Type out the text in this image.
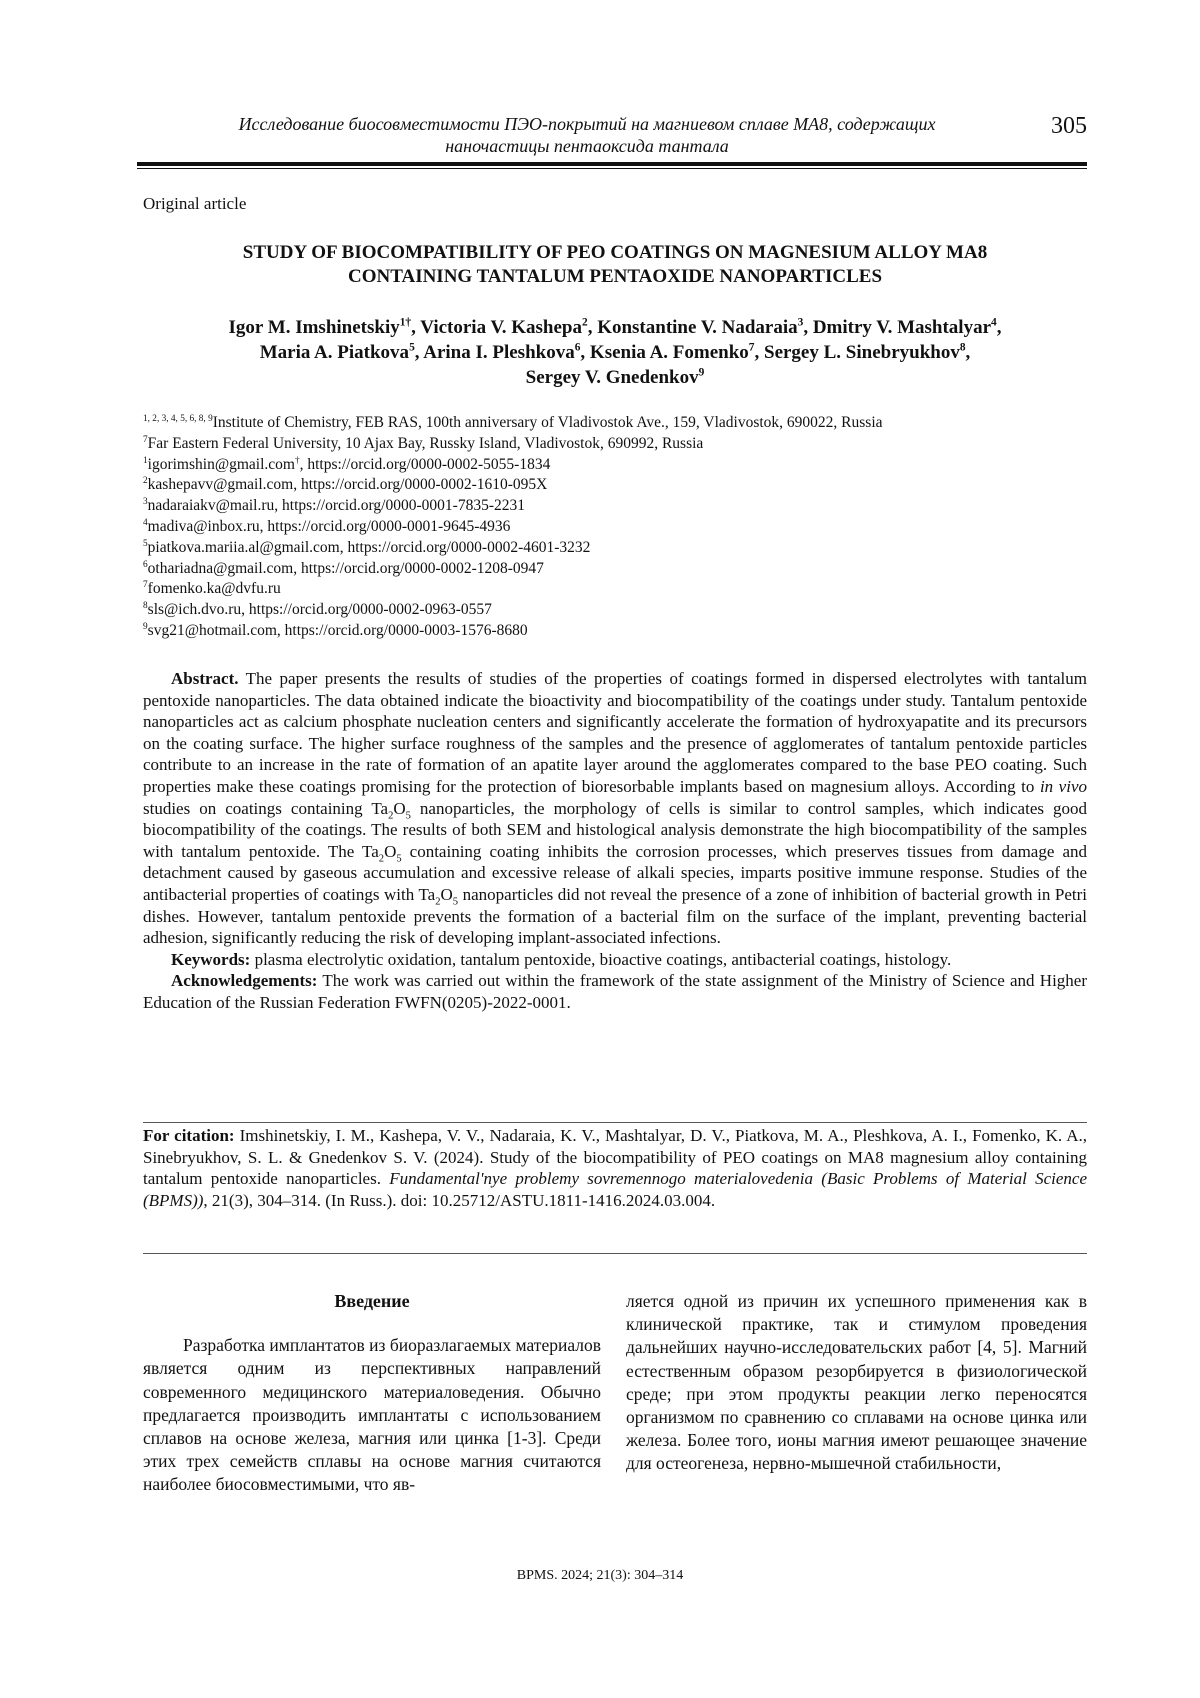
Исследование биосовместимости ПЭО-покрытий на магниевом сплаве МА8, содержащих наночастицы пентаоксида тантала
305
Original article
STUDY OF BIOCOMPATIBILITY OF PEO COATINGS ON MAGNESIUM ALLOY MA8
CONTAINING TANTALUM PENTAOXIDE NANOPARTICLES
Igor M. Imshinetskiy$^{1\dagger}$, Victoria V. Kashepa$^2$, Konstantine V. Nadaraia$^3$, Dmitry V. Mashtalyar$^4$,
Maria A. Piatkova$^5$, Arina I. Pleshkova$^6$, Ksenia A. Fomenko$^7$, Sergey L. Sinebryukhov$^8$,
Sergey V. Gnedenkov$^9$
$^{1, 2, 3, 4, 5, 6, 8, 9}$Institute of Chemistry, FEB RAS, 100th anniversary of Vladivostok Ave., 159, Vladivostok, 690022, Russia
$^7$Far Eastern Federal University, 10 Ajax Bay, Russky Island, Vladivostok, 690992, Russia
$^1$igorimshin@gmail.com†, https://orcid.org/0000-0002-5055-1834
$^2$kashepavv@gmail.com, https://orcid.org/0000-0002-1610-095X
$^3$nadaraiakv@mail.ru, https://orcid.org/0000-0001-7835-2231
$^4$madiva@inbox.ru, https://orcid.org/0000-0001-9645-4936
$^5$piatkova.mariia.al@gmail.com, https://orcid.org/0000-0002-4601-3232
$^6$othariadna@gmail.com, https://orcid.org/0000-0002-1208-0947
$^7$fomenko.ka@dvfu.ru
$^8$sls@ich.dvo.ru, https://orcid.org/0000-0002-0963-0557
$^9$svg21@hotmail.com, https://orcid.org/0000-0003-1576-8680

Abstract. The paper presents the results of studies of the properties of coatings formed in dispersed electrolytes with tantalum pentoxide nanoparticles. The data obtained indicate the bioactivity and biocompatibility of the coatings under study. Tantalum pentoxide nanoparticles act as calcium phosphate nucleation centers and significantly accelerate the formation of hydroxyapatite and its precursors on the coating surface. The higher surface roughness of the samples and the presence of agglomerates of tantalum pentoxide particles contribute to an increase in the rate of formation of an apatite layer around the agglomerates compared to the base PEO coating. Such properties make these coatings promising for the protection of bioresorbable implants based on magnesium alloys. According to in vivo studies on coatings containing $Ta_2O_5$ nanoparticles, the morphology of cells is similar to control samples, which indicates good biocompatibility of the coatings. The results of both SEM and histological analysis demonstrate the high biocompatibility of the samples with tantalum pentoxide. The $Ta_2O_5$ containing coating inhibits the corrosion processes, which preserves tissues from damage and detachment caused by gaseous accumulation and excessive release of alkali species, imparts positive immune response. Studies of the antibacterial properties of coatings with $Ta_2O_5$ nanoparticles did not reveal the presence of a zone of inhibition of bacterial growth in Petri dishes. However, tantalum pentoxide prevents the formation of a bacterial film on the surface of the implant, preventing bacterial adhesion, significantly reducing the risk of developing implant-associated infections.

Keywords: plasma electrolytic oxidation, tantalum pentoxide, bioactive coatings, antibacterial coatings, histology.

Acknowledgements: The work was carried out within the framework of the state assignment of the Ministry of Science and Higher Education of the Russian Federation FWFN(0205)-2022-0001.

For citation: Imshinetskiy, I. M., Kashepa, V. V., Nadaraia, K. V., Mashtalyar, D. V., Piatkova, M. A., Pleshkova, A. I., Fomenko, K. A., Sinebryukhov, S. L. & Gnedenkov S. V. (2024). Study of the biocompatibility of PEO coatings on MA8 magnesium alloy containing tantalum pentoxide nanoparticles. Fundamental'nye problemy sovremennogo materialovedenia (Basic Problems of Material Science (BPMS)), 21(3), 304–314. (In Russ.). doi: 10.25712/ASTU.1811-1416.2024.03.004.
Введение

Разработка имплантатов из биоразлагаемых материалов является одним из перспективных направлений современного медицинского материаловедения. Обычно предлагается производить имплантаты с использованием сплавов на основе железа, магния или цинка [1-3]. Среди этих трех семейств сплавы на основе магния считаются наиболее биосовместимыми, что яв-

ляется одной из причин их успешного применения как в клинической практике, так и стимулом проведения дальнейших научно-исследовательских работ [4, 5]. Магний естественным образом резорбируется в физиологической среде; при этом продукты реакции легко переносятся организмом по сравнению со сплавами на основе цинка или железа. Более того, ионы магния имеют решающее значение для остеогенеза, нервно-мышечной стабильности,

BPMS. 2024; 21(3): 304–314
